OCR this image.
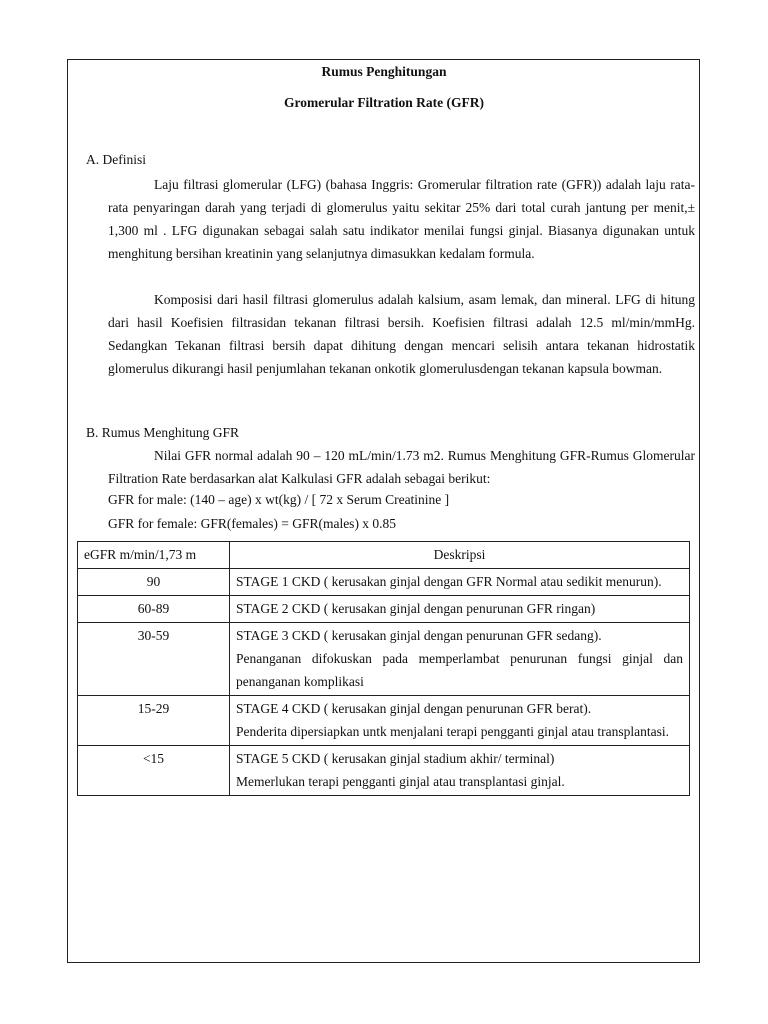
Rumus Penghitungan
Gromerular Filtration Rate (GFR)
A. Definisi

Laju filtrasi glomerular (LFG) (bahasa Inggris: Gromerular filtration rate (GFR)) adalah laju rata-rata penyaringan darah yang terjadi di glomerulus yaitu sekitar 25% dari total curah jantung per menit,± 1,300 ml . LFG digunakan sebagai salah satu indikator menilai fungsi ginjal. Biasanya digunakan untuk menghitung bersihan kreatinin yang selanjutnya dimasukkan kedalam formula.

Komposisi dari hasil filtrasi glomerulus adalah kalsium, asam lemak, dan mineral. LFG di hitung dari hasil Koefisien filtrasidan tekanan filtrasi bersih. Koefisien filtrasi adalah 12.5 ml/min/mmHg. Sedangkan Tekanan filtrasi bersih dapat dihitung dengan mencari selisih antara tekanan hidrostatik glomerulus dikurangi hasil penjumlahan tekanan onkotik glomerulusdengan tekanan kapsula bowman.

B. Rumus Menghitung GFR

Nilai GFR normal adalah 90 – 120 mL/min/1.73 m2. Rumus Menghitung GFR-Rumus Glomerular Filtration Rate berdasarkan alat Kalkulasi GFR adalah sebagai berikut:

GFR for male: (140 – age) x wt(kg) / [ 72 x Serum Creatinine ]
GFR for female: GFR(females) = GFR(males) x 0.85
eGFR m/min/1,73 m	Deskripsi
90	STAGE 1 CKD ( kerusakan ginjal dengan GFR Normal atau sedikit menurun).
60-89	STAGE 2 CKD ( kerusakan ginjal dengan penurunan GFR ringan)
30-59	STAGE 3 CKD ( kerusakan ginjal dengan penurunan GFR sedang).
Penanganan difokuskan pada memperlambat penurunan fungsi ginjal dan penanganan komplikasi

15-29	STAGE 4 CKD ( kerusakan ginjal dengan penurunan GFR berat).
Penderita dipersiapkan untk menjalani terapi pengganti ginjal atau transplantasi.

<15	STAGE 5 CKD ( kerusakan ginjal stadium akhir/ terminal)
Memerlukan terapi pengganti ginjal atau transplantasi ginjal.
